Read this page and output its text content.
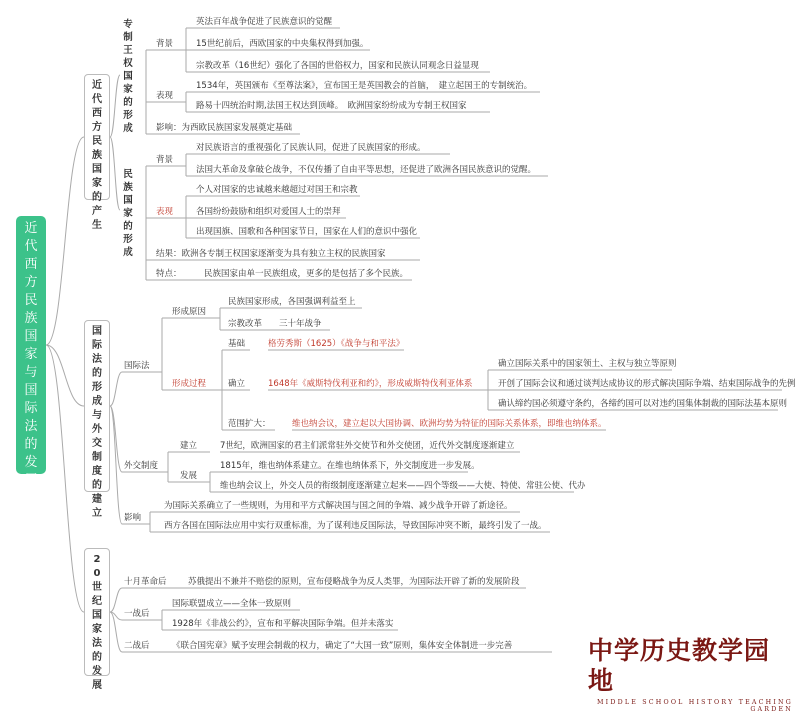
近代西方民族国家与国际法的发展
近代西方民族国家的产生
国际法的形成与外交制度的建立
20世纪国家法的发展
专制王权国家的形成
民族国家的形成
背景
英法百年战争促进了民族意识的觉醒
15世纪前后，西欧国家的中央集权得到加强。
宗教改革（16世纪）强化了各国的世俗权力，国家和民族认同观念日益显现
表现
1534年，英国颁布《至尊法案》，宣布国王是英国教会的首脑，　建立起国王的专制统治。
路易十四统治时期,法国王权达到顶峰。　欧洲国家纷纷成为专制王权国家
影响：为西欧民族国家发展奠定基础
背景
对民族语言的重视强化了民族认同，促进了民族国家的形成。
法国大革命及拿破仑战争，不仅传播了自由平等思想，还促进了欧洲各国民族意识的觉醒。
表现
个人对国家的忠诚越来越超过对国王和宗教
各国纷纷鼓励和组织对爱国人士的崇拜
出现国旗、国歌和各种国家节日，国家在人们的意识中强化
结果：欧洲各专制王权国家逐渐变为具有独立主权的民族国家
特点：	民族国家由单一民族组成，更多的是包括了多个民族。
国际法
形成原因
民族国家形成，各国强调利益至上
宗教改革　　三十年战争
形成过程
基础	格劳秀斯（1625）《战争与和平法》
确立	1648年《威斯特伐利亚和约》，形成威斯特伐利亚体系
确立国际关系中的国家领土、主权与独立等原则
开创了国际会议和通过谈判达成协议的形式解决国际争端、结束国际战争的先例
确认缔约国必须遵守条约，各缔约国可以对违约国集体制裁的国际法基本原则
范围扩大：	维也纳会议，建立起以大国协调、欧洲均势为特征的国际关系体系，即维也纳体系。
外交制度
建立	7世纪，欧洲国家的君主们派常驻外交使节和外交使团，近代外交制度逐渐建立
发展
1815年，维也纳体系建立。在维也纳体系下，外交制度进一步发展。
维也纳会议上，外交人员的衔级制度逐渐建立起来——四个等级——大使、特使、常驻公使、代办
影响
为国际关系确立了一些规则，为用和平方式解决国与国之间的争端、减少战争开辟了新途径。
西方各国在国际法应用中实行双重标准，为了谋利违反国际法，导致国际冲突不断，最终引发了一战。
十月革命后	苏俄提出不兼并不赔偿的原则，宣布侵略战争为反人类罪，为国际法开辟了新的发展阶段
一战后
国际联盟成立——全体一致原则
1928年《非战公约》，宣布和平解决国际争端。但并未落实
二战后	《联合国宪章》赋予安理会制裁的权力，确定了“大国一致”原则，集体安全体制进一步完善	中学历史教学园地
MIDDLE SCHOOL HISTORY TEACHING GARDEN
